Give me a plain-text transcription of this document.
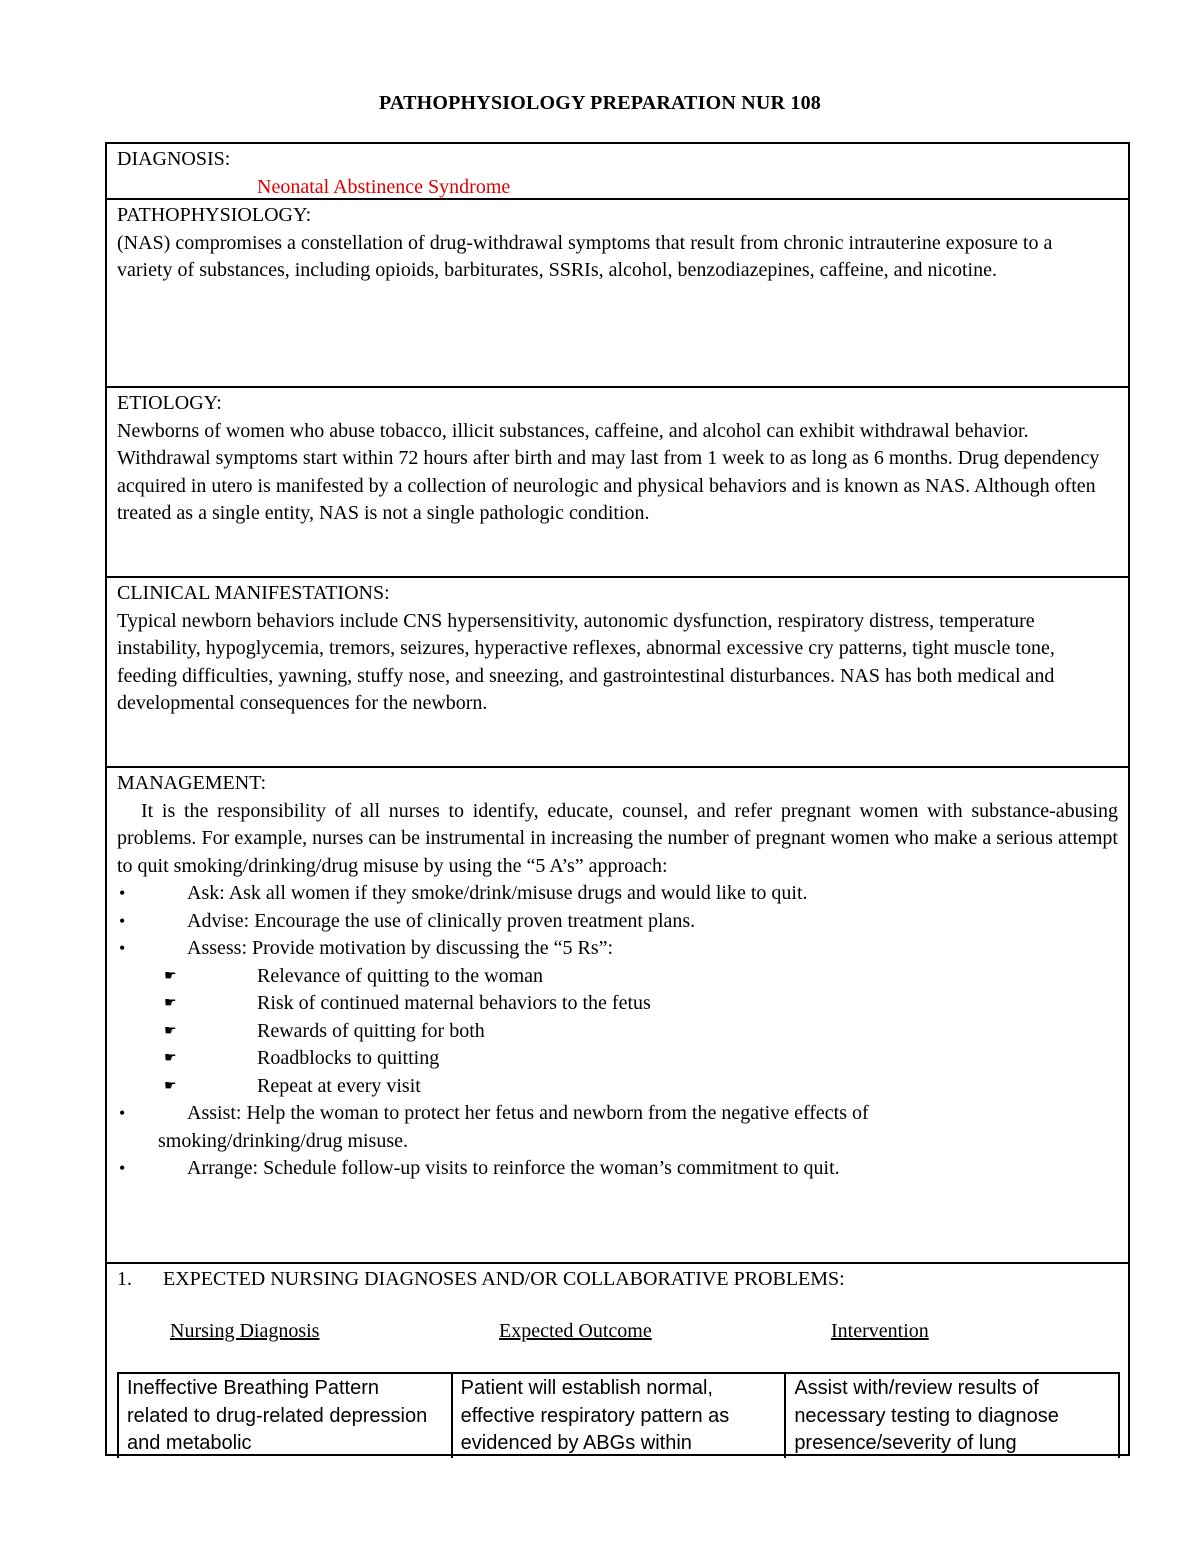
PATHOPHYSIOLOGY PREPARATION NUR 108
DIAGNOSIS:
Neonatal Abstinence Syndrome
PATHOPHYSIOLOGY:

(NAS) compromises a constellation of drug-withdrawal symptoms that result from chronic intrauterine exposure to a variety of substances, including opioids, barbiturates, SSRIs, alcohol, benzodiazepines, caffeine, and nicotine.

ETIOLOGY:

Newborns of women who abuse tobacco, illicit substances, caffeine, and alcohol can exhibit withdrawal behavior. Withdrawal symptoms start within 72 hours after birth and may last from 1 week to as long as 6 months. Drug dependency acquired in utero is manifested by a collection of neurologic and physical behaviors and is known as NAS. Although often treated as a single entity, NAS is not a single pathologic condition.

CLINICAL MANIFESTATIONS:

Typical newborn behaviors include CNS hypersensitivity, autonomic dysfunction, respiratory distress, temperature instability, hypoglycemia, tremors, seizures, hyperactive reflexes, abnormal excessive cry patterns, tight muscle tone, feeding difficulties, yawning, stuffy nose, and sneezing, and gastrointestinal disturbances. NAS has both medical and developmental consequences for the newborn.

MANAGEMENT:

It is the responsibility of all nurses to identify, educate, counsel, and refer pregnant women with substance-abusing problems. For example, nurses can be instrumental in increasing the number of pregnant women who make a serious attempt to quit smoking/drinking/drug misuse by using the “5 A’s” approach:

•	Ask: Ask all women if they smoke/drink/misuse drugs and would like to quit.
•	Advise: Encourage the use of clinically proven treatment plans.
•	Assess: Provide motivation by discussing the “5 Rs”:
☛	Relevance of quitting to the woman
☛	Risk of continued maternal behaviors to the fetus
☛	Rewards of quitting for both
☛	Roadblocks to quitting
☛	Repeat at every visit
•	Assist: Help the woman to protect her fetus and newborn from the negative effects of
smoking/drinking/drug misuse.
•	Arrange: Schedule follow-up visits to reinforce the woman’s commitment to quit.
1. EXPECTED NURSING DIAGNOSES AND/OR COLLABORATIVE PROBLEMS:
Nursing Diagnosis	Expected Outcome	Intervention
Ineffective Breathing Pattern related to drug-related depression and metabolic	Patient will establish normal, effective respiratory pattern as evidenced by ABGs within	Assist with/review results of necessary testing to diagnose presence/severity of lung
